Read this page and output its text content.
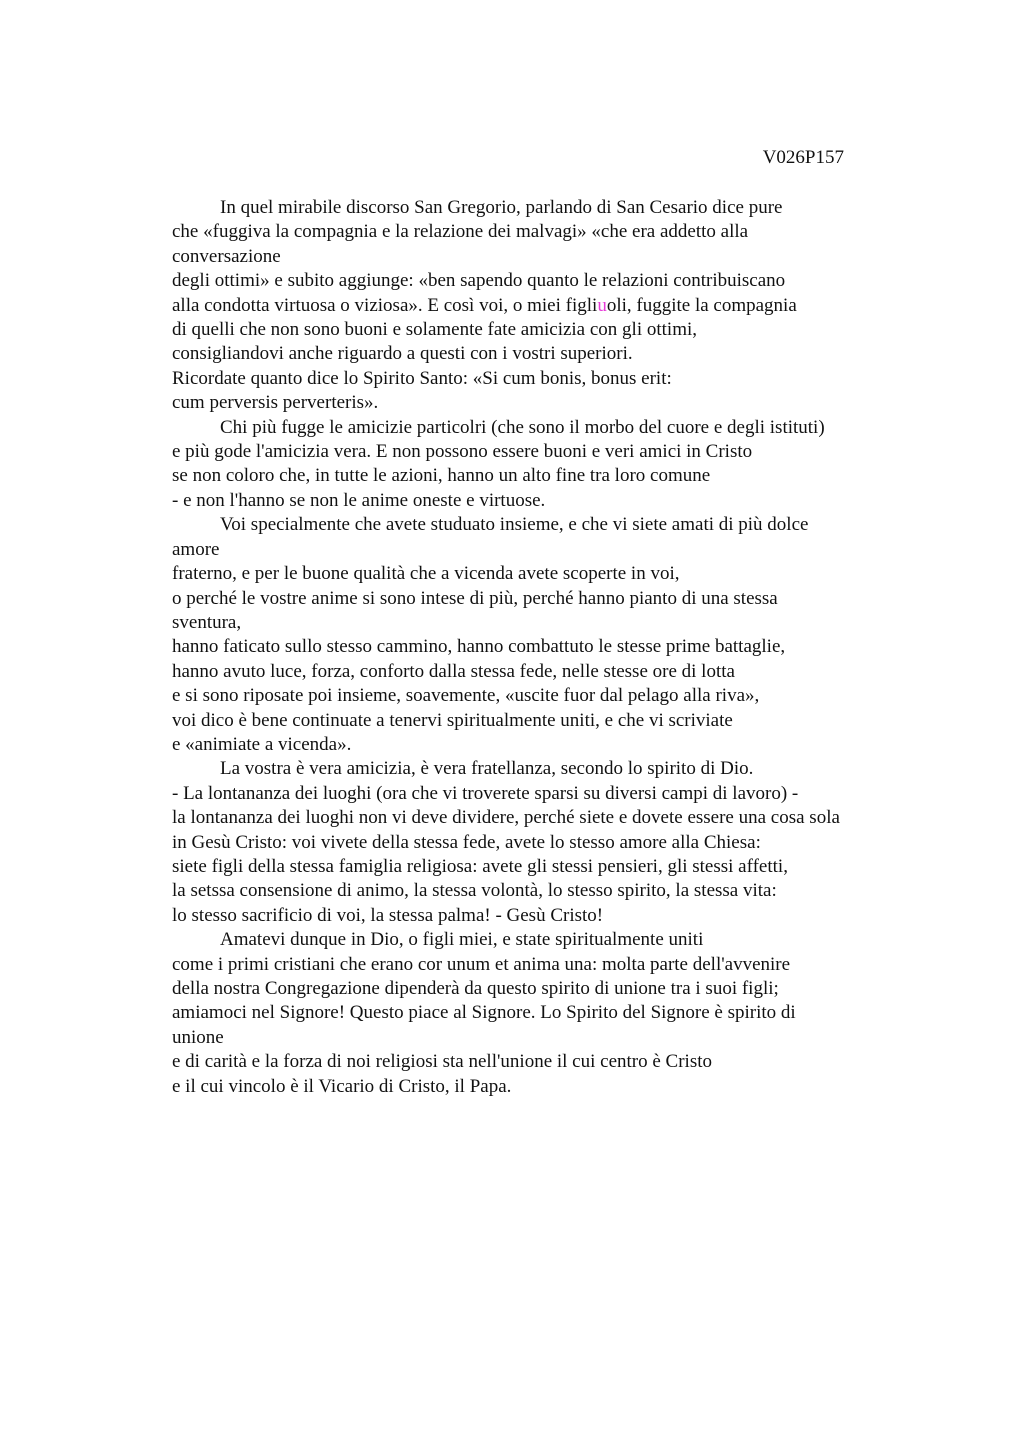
V026P157

In quel mirabile discorso San Gregorio, parlando di San Cesario dice pure
che «fuggiva la compagnia e la relazione dei malvagi» «che era addetto alla
conversazione
degli ottimi» e subito aggiunge: «ben sapendo quanto le relazioni contribuiscano
alla condotta virtuosa o viziosa». E così voi, o miei figliuoli, fuggite la compagnia
di quelli che non sono buoni e solamente fate amicizia con gli ottimi,
consigliandovi anche riguardo a questi con i vostri superiori.
Ricordate quanto dice lo Spirito Santo: «Si cum bonis, bonus erit:
cum perversis perverteris».
Chi più fugge le amicizie particolri (che sono il morbo del cuore e degli istituti)
e più gode l'amicizia vera. E non possono essere buoni e veri amici in Cristo
se non coloro che, in tutte le azioni, hanno un alto fine tra loro comune
- e non l'hanno se non le anime oneste e virtuose.
Voi specialmente che avete studuato insieme, e che vi siete amati di più dolce
amore
fraterno, e per le buone qualità che a vicenda avete scoperte in voi,
o perché le vostre anime si sono intese di più, perché hanno pianto di una stessa
sventura,
hanno faticato sullo stesso cammino, hanno combattuto le stesse prime battaglie,
hanno avuto luce, forza, conforto dalla stessa fede, nelle stesse ore di lotta
e si sono riposate poi insieme, soavemente, «uscite fuor dal pelago alla riva»,
voi dico è bene continuate a tenervi spiritualmente uniti, e che vi scriviate
e «animiate a vicenda».
La vostra è vera amicizia, è vera fratellanza, secondo lo spirito di Dio.
- La lontananza dei luoghi (ora che vi troverete sparsi su diversi campi di lavoro) -
la lontananza dei luoghi non vi deve dividere, perché siete e dovete essere una cosa sola
in Gesù Cristo: voi vivete della stessa fede, avete lo stesso amore alla Chiesa:
siete figli della stessa famiglia religiosa: avete gli stessi pensieri, gli stessi affetti,
la setssa consensione di animo, la stessa volontà, lo stesso spirito, la stessa vita:
lo stesso sacrificio di voi, la stessa palma! - Gesù Cristo!
Amatevi dunque in Dio, o figli miei, e state spiritualmente uniti
come i primi cristiani che erano cor unum et anima una: molta parte dell'avvenire
della nostra Congregazione dipenderà da questo spirito di unione tra i suoi figli;
amiamoci nel Signore! Questo piace al Signore. Lo Spirito del Signore è spirito di
unione
e di carità e la forza di noi religiosi sta nell'unione il cui centro è Cristo
e il cui vincolo è il Vicario di Cristo, il Papa.
